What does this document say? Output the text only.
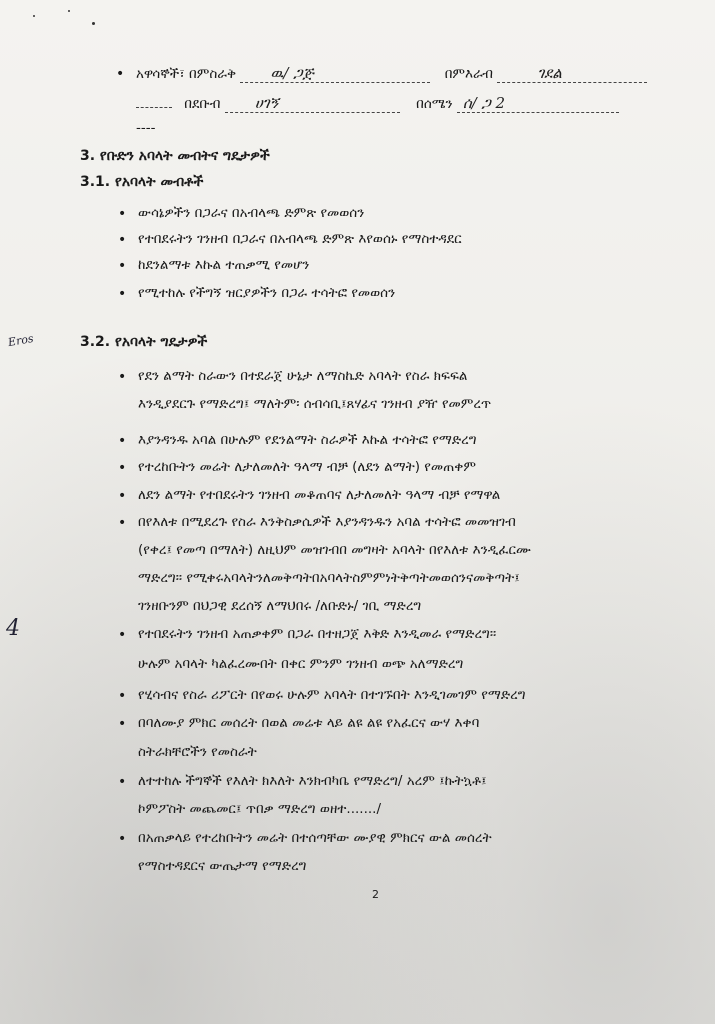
• አዋሳኞች፣ በምስራቅ ዉ/ ጋጅ	በምእራብ	ገደል
በደቡብ ሀገኝ	በሰሜን ሰ/ ጋ 2
----
3. የቡድን አባላት መብትና ግዴታዎች
3.1. የአባላት መብቶች
• ውሳኔዎችን በጋራና በአብላጫ ድምጽ የመወሰን
• የተበደሩትን ገንዘብ በጋራና በአብላጫ ድምጽ እየወሰኑ የማስተዳደር
• ከደንልማቱ እኩል ተጠቃሚ የመሆን
• የሚተከሉ የችግኝ ዝርያዎችን በጋራ ተሳትፎ የመወሰን
Eros	3.2. የአባላት ግዴታዎች
• የደን ልማት ስራውን በተደራጀ ሁኔታ ለማስኬድ አባላት የስራ ክፍፍል
እንዲያደርጉ የማድረግ፤ ማለትም፡ ሰብሳቢ፤ጸሃፊና ገንዘብ ያዥ የመምረጥ
• እያንዳንዱ አባል በሁሉም የደንልማት ስራዎች እኩል ተሳትፎ የማድረግ
• የተረከቡትን መሬት ለታለመለት ዓላማ ብቻ (ለደን ልማት) የመጠቀም
• ለደን ልማት የተበደሩትን ገንዘብ መቆጠባና ለታለመለት ዓላማ ብቻ የማዋል
• በየእለቱ በሚደረጉ የስራ እንቅስቃሴዎች እያንዳንዱን አባል ተሳትፎ መመዝገብ
(የቀረ፤ የመጣ በማለት) ለዚህም መዝገብበ መግዛት አባላት በየእለቱ እንዲፈርሙ
ማድረግ፡፡ የሚቀሩአባላትንለመቅጣትበአባላትስምምነትቅጣትመወሰንናመቅጣት፤
ገንዘቡንም በህጋዊ ደረሰኝ ለማህበሩ /ለቡድኑ/ ገቢ ማድረግ
4	• የተበደሩትን ገንዘብ አጠቃቀም በጋራ በተዘጋጀ እቅድ እንዲመራ የማድረግ፡፡
ሁሉም አባላት ካልፈረሙበት በቀር ምንም ገንዘብ ወጭ አለማድረግ
• የሂሳብና የስራ ሪፖርት በየወሩ ሁሉም አባላት በተገኙበት እንዲገመገም የማድረግ
• በባለሙያ ምክር መሰረት በወል መሬቱ ላይ ልዩ ልዩ የአፈርና ውሃ እቀባ
ስትራክቸሮችን የመስራት
• ለተተከሉ ችግኞች የእለት ክእለት እንክብካቤ የማድረግ/ አረም ፤ኩትኳቶ፤
ኮምፖስት መጨመር፤ ጥበቃ ማድረግ ወዘተ......./
• በአጠቃላይ የተረከቡትን መሬት በተሰጣቸው ሙያዊ ምክርና ውል መሰረት
የማስተዳደርና ውጤታማ የማድረግ
2
